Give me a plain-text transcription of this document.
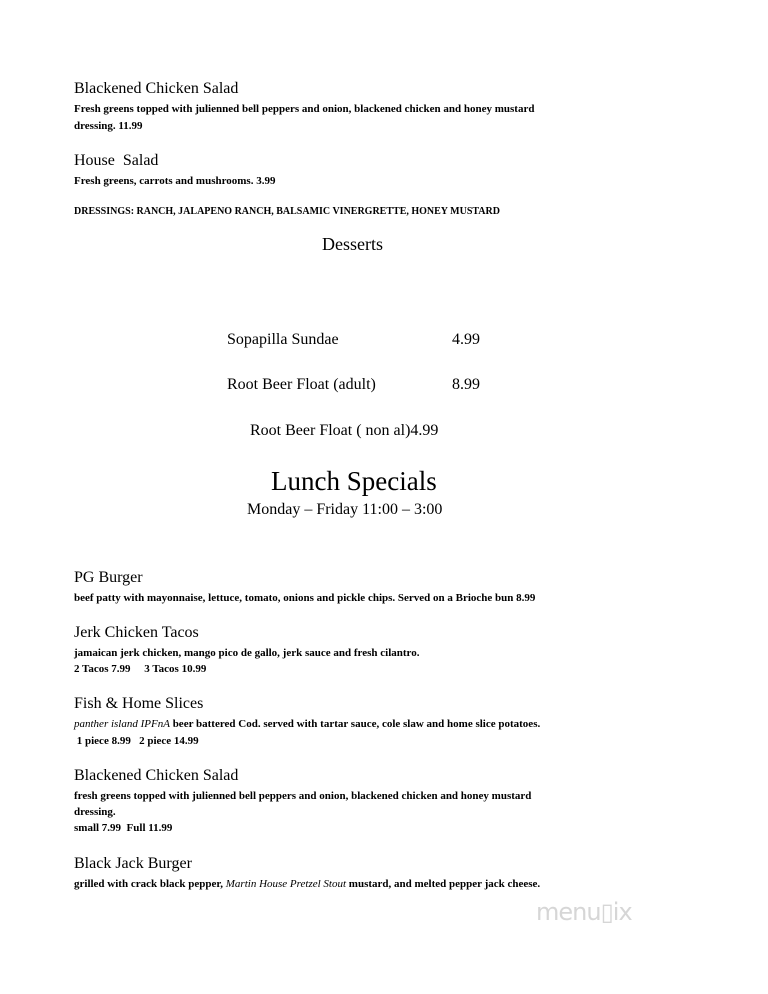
Blackened Chicken Salad
Fresh greens topped with julienned bell peppers and onion, blackened chicken and honey mustard
dressing. 11.99
House  Salad
Fresh greens, carrots and mushrooms. 3.99
DRESSINGS: RANCH, JALAPENO RANCH, BALSAMIC VINERGRETTE, HONEY MUSTARD
Desserts
Sopapilla Sundae	4.99
Root Beer Float (adult)	8.99
Root Beer Float ( non al)4.99
Lunch Specials
Monday – Friday 11:00 – 3:00
PG Burger
beef patty with mayonnaise, lettuce, tomato, onions and pickle chips. Served on a Brioche bun 8.99
Jerk Chicken Tacos
jamaican jerk chicken, mango pico de gallo, jerk sauce and fresh cilantro.
2 Tacos 7.99     3 Tacos 10.99
Fish & Home Slices
panther island IPFnA beer battered Cod. served with tartar sauce, cole slaw and home slice potatoes.
1 piece 8.99   2 piece 14.99
Blackened Chicken Salad
fresh greens topped with julienned bell peppers and onion, blackened chicken and honey mustard
dressing.
small 7.99  Full 11.99
Black Jack Burger
grilled with crack black pepper, Martin House Pretzel Stout mustard, and melted pepper jack cheese.
menu▯ix
